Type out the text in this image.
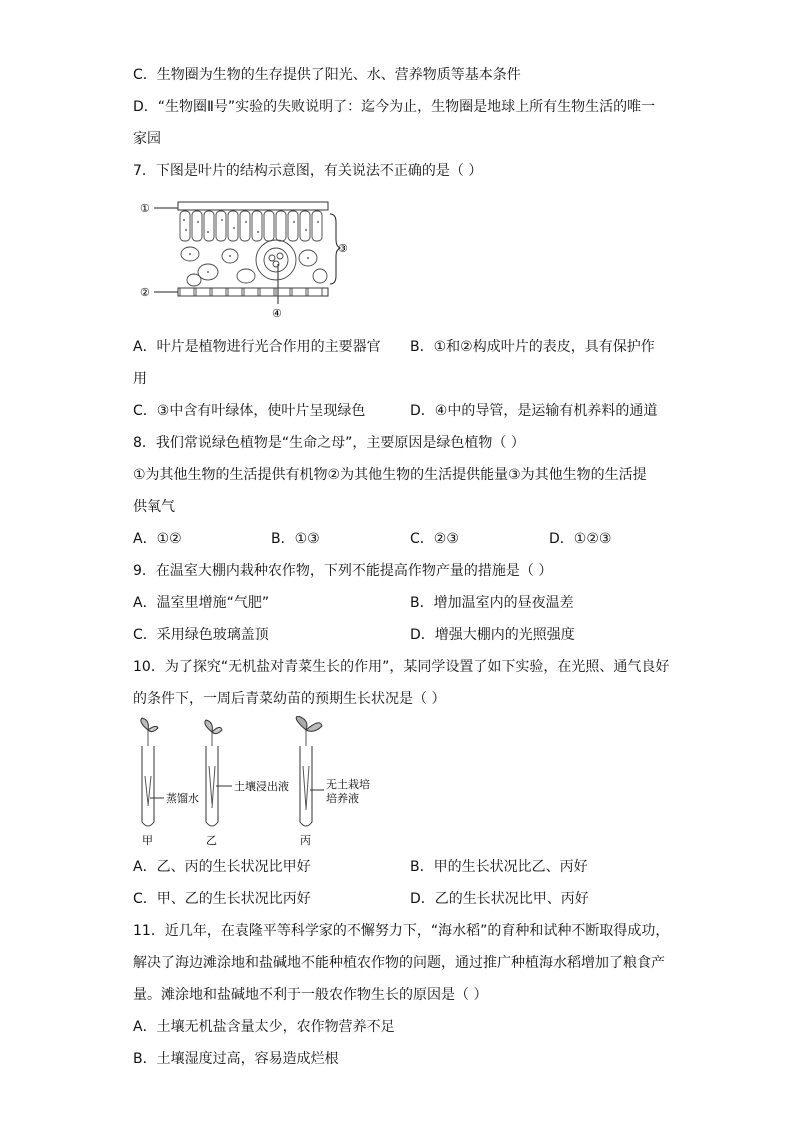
C．生物圈为生物的生存提供了阳光、水、营养物质等基本条件
D．“生物圈Ⅱ号”实验的失败说明了：迄今为止，生物圈是地球上所有生物生活的唯一
家园
7．下图是叶片的结构示意图，有关说法不正确的是（ ）
①
②
③
④
A．叶片是植物进行光合作用的主要器官 B．①和②构成叶片的表皮，具有保护作
用
C．③中含有叶绿体，使叶片呈现绿色	D．④中的导管，是运输有机养料的通道
8．我们常说绿色植物是“生命之母”，主要原因是绿色植物（ ）
①为其他生物的生活提供有机物②为其他生物的生活提供能量③为其他生物的生活提
供氧气
A．①②	B．①③	C．②③	D．①②③
9．在温室大棚内栽种农作物，下列不能提高作物产量的措施是（ ）
A．温室里增施“气肥”	B．增加温室内的昼夜温差
C．采用绿色玻璃盖顶	D．增强大棚内的光照强度
10．为了探究“无机盐对青菜生长的作用”，某同学设置了如下实验，在光照、通气良好
的条件下，一周后青菜幼苗的预期生长状况是（ ）
蒸馏水
土壤浸出液	无土栽培
培养液
甲	乙	丙
A．乙、丙的生长状况比甲好	B．甲的生长状况比乙、丙好
C．甲、乙的生长状况比丙好	D．乙的生长状况比甲、丙好
11．近几年，在袁隆平等科学家的不懈努力下，“海水稻”的育种和试种不断取得成功，
解决了海边滩涂地和盐碱地不能种植农作物的问题，通过推广种植海水稻增加了粮食产
量。滩涂地和盐碱地不利于一般农作物生长的原因是（ ）
A．土壤无机盐含量太少，农作物营养不足
B．土壤湿度过高，容易造成烂根
